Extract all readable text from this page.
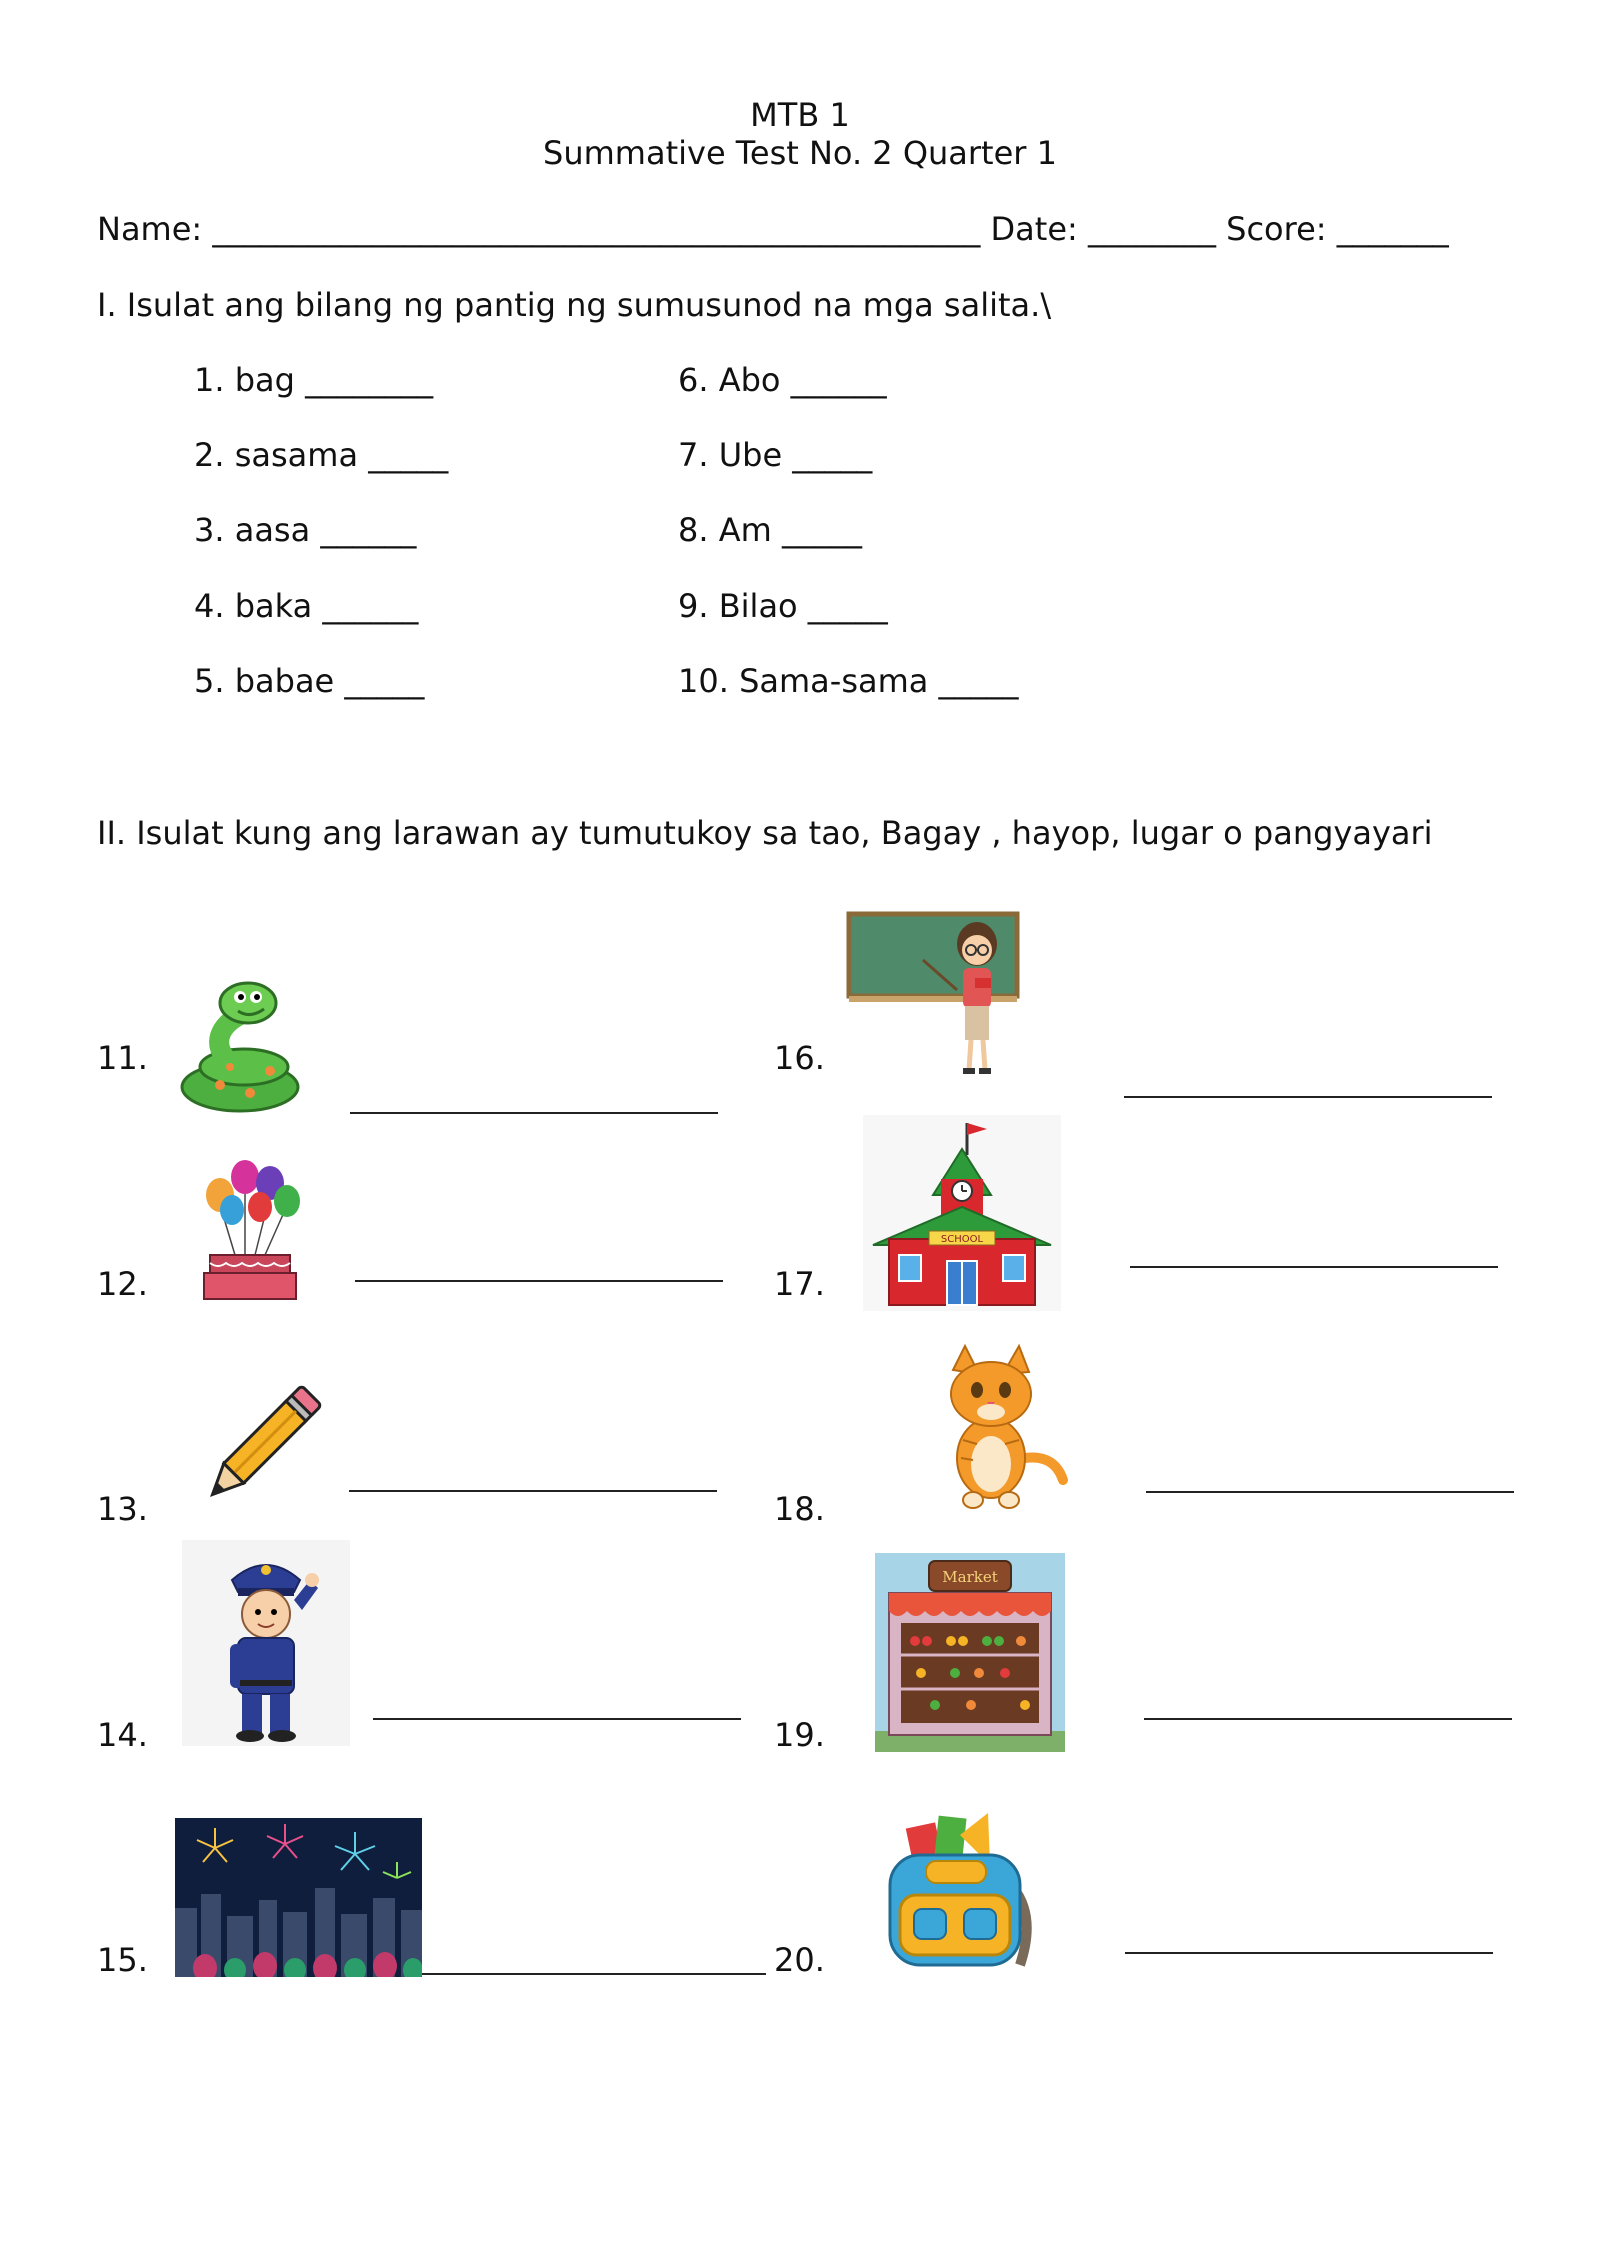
MTB 1
Summative Test No. 2 Quarter 1
Name: ________________________________________________ Date: ________ Score: _______
I. Isulat ang bilang ng pantig ng sumusunod na mga salita.\
1. bag ________
2. sasama _____
3. aasa ______
4. baka ______
5. babae _____
6. Abo ______
7. Ube _____
8. Am _____
9. Bilao _____
10. Sama-sama _____
II. Isulat kung ang larawan ay tumutukoy sa tao, Bagay , hayop, lugar o pangyayari
11.
12.
13.
14.
15.
16.
17.
18.
19.
20.
SCHOOL
Market
